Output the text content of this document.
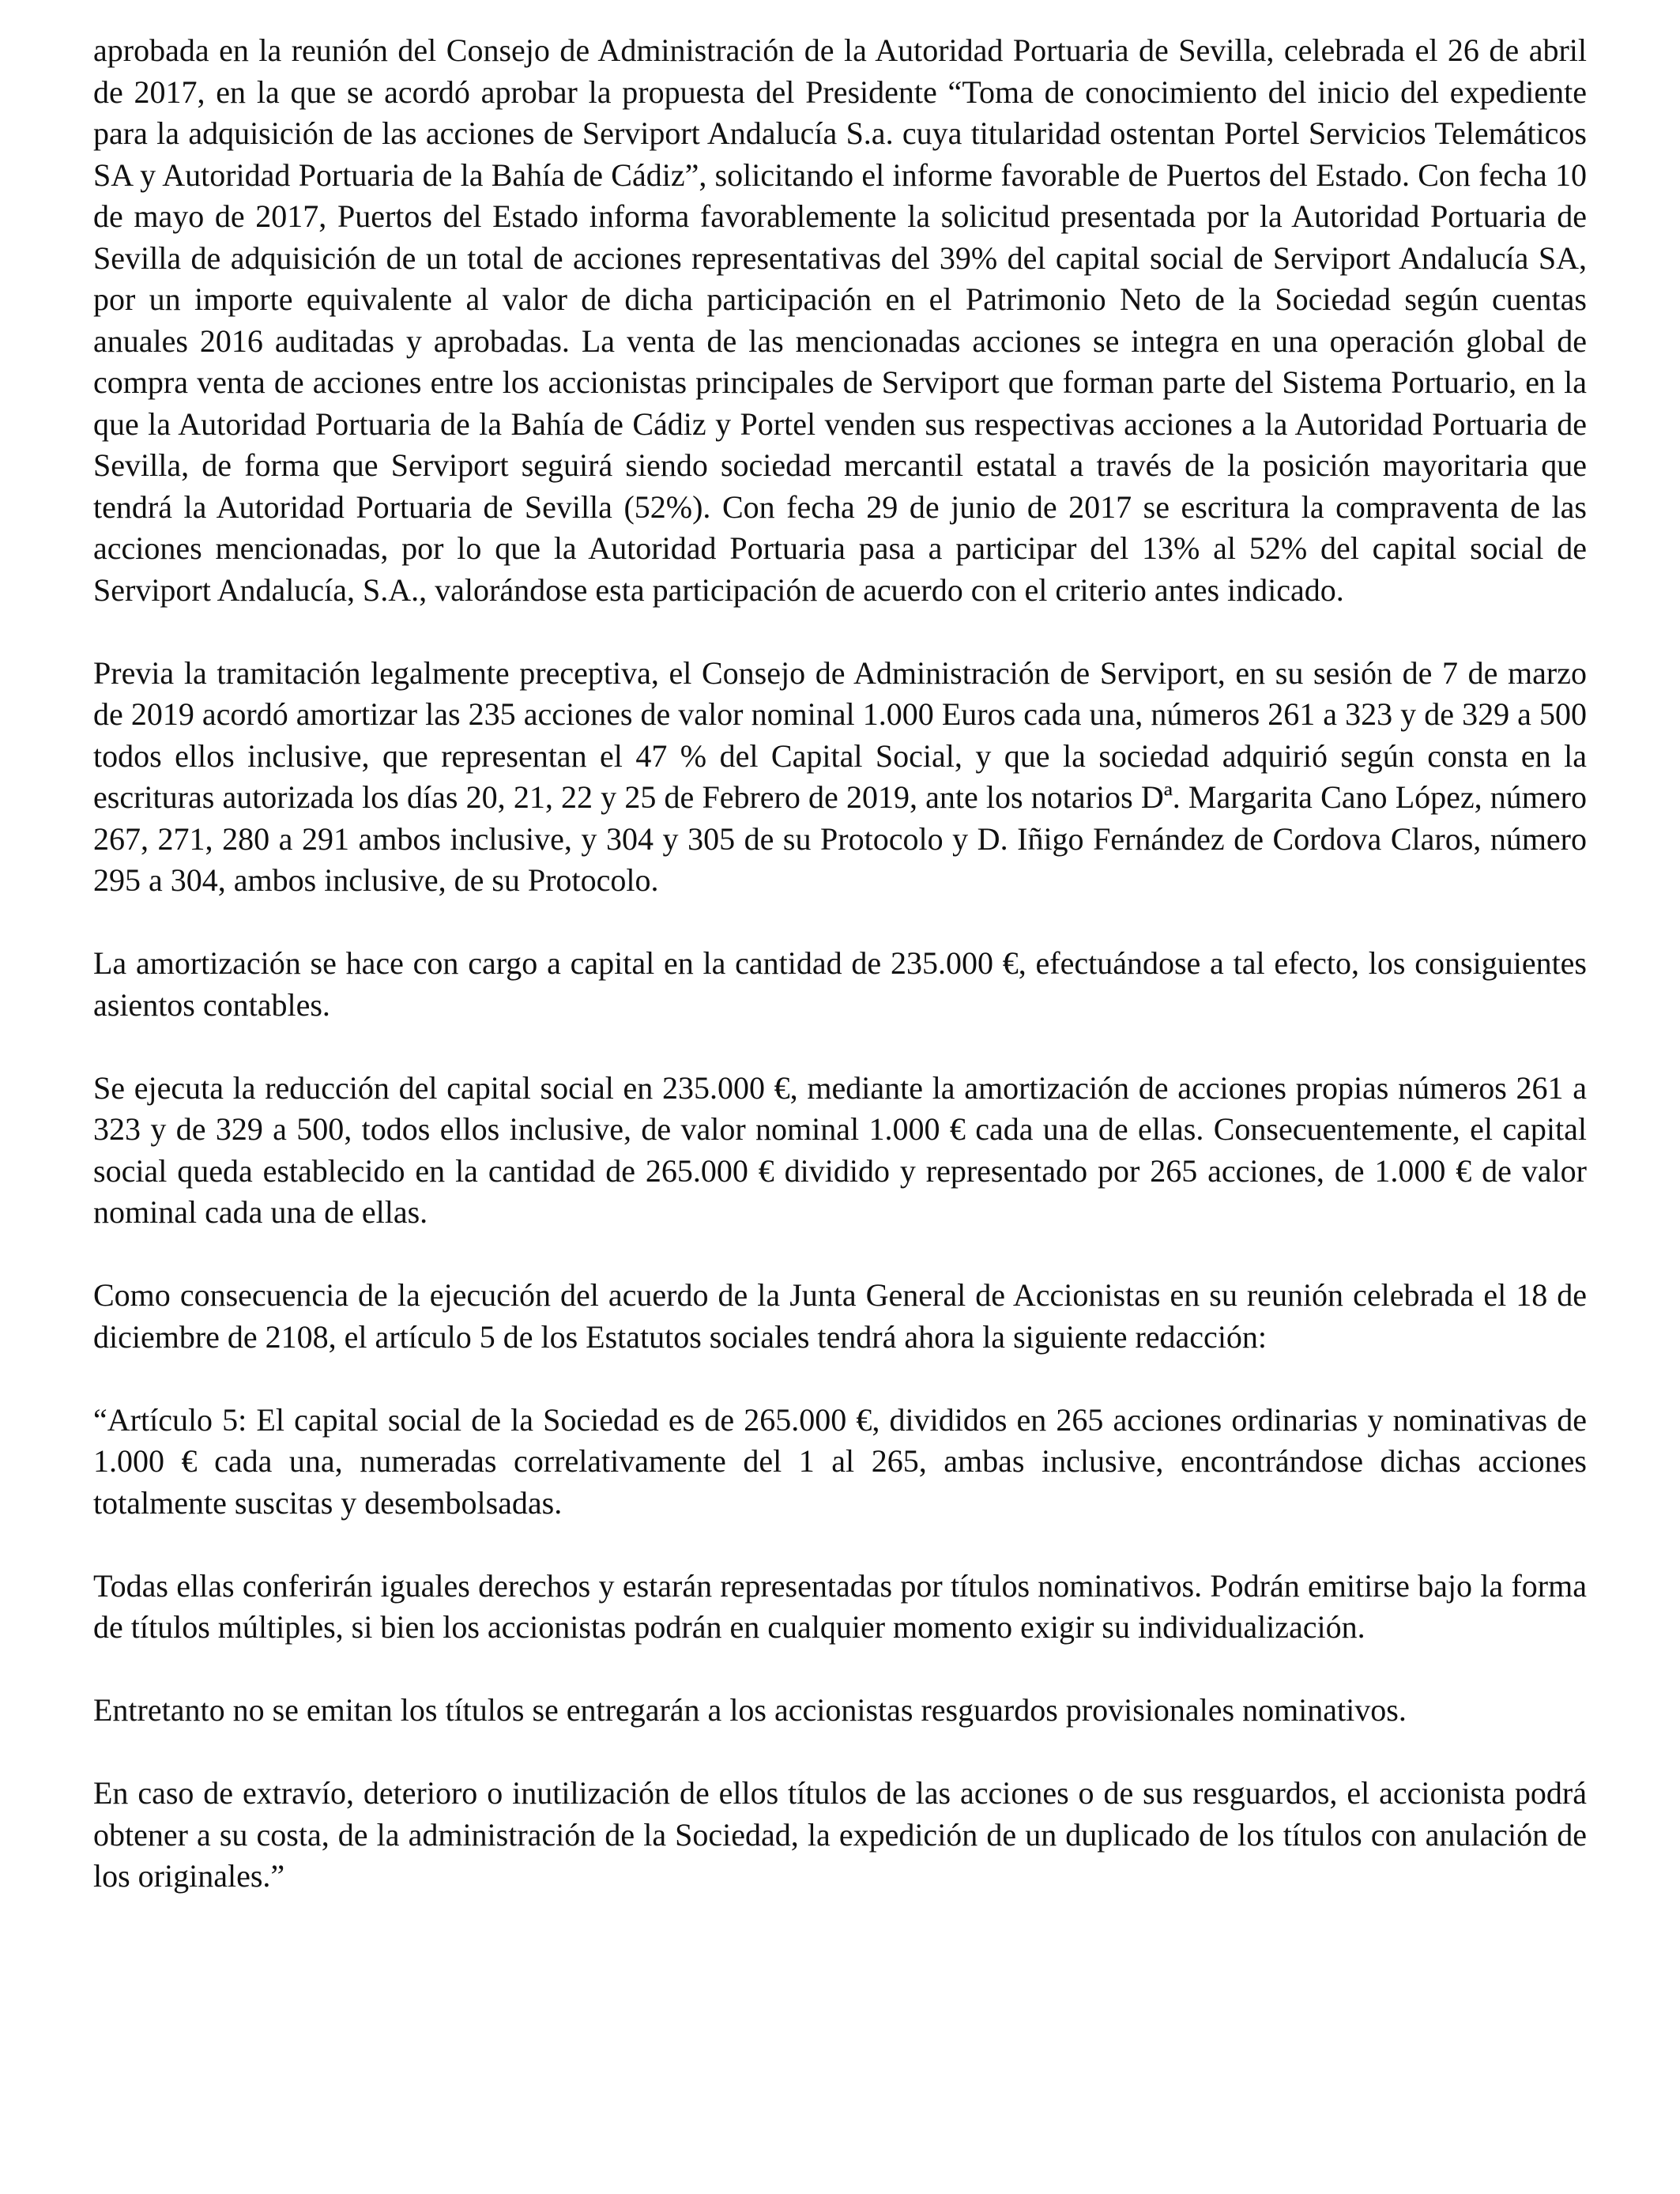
aprobada en la reunión del Consejo de Administración de la Autoridad Portuaria de Sevilla, celebrada el 26 de abril de 2017, en la que se acordó aprobar la propuesta del Presidente “Toma de conocimiento del inicio del expediente para la adquisición de las acciones de Serviport Andalucía S.a. cuya titularidad ostentan Portel Servicios Telemáticos SA y Autoridad Portuaria de la Bahía de Cádiz”, solicitando el informe favorable de Puertos del Estado. Con fecha 10 de mayo de 2017, Puertos del Estado informa favorablemente la solicitud presentada por la Autoridad Portuaria de Sevilla de adquisición de un total de acciones representativas del 39% del capital social de Serviport Andalucía SA, por un importe equivalente al valor de dicha participación en el Patrimonio Neto de la Sociedad según cuentas anuales 2016 auditadas y aprobadas. La venta de las mencionadas acciones se integra en una operación global de compra venta de acciones entre los accionistas principales de Serviport que forman parte del Sistema Portuario, en la que la Autoridad Portuaria de la Bahía de Cádiz y Portel venden sus respectivas acciones a la Autoridad Portuaria de Sevilla, de forma que Serviport seguirá siendo sociedad mercantil estatal a través de la posición mayoritaria que tendrá la Autoridad Portuaria de Sevilla (52%). Con fecha 29 de junio de 2017 se escritura la compraventa de las acciones mencionadas, por lo que la Autoridad Portuaria pasa a participar del 13% al 52% del capital social de Serviport Andalucía, S.A., valorándose esta participación de acuerdo con el criterio antes indicado.

Previa la tramitación legalmente preceptiva, el Consejo de Administración de Serviport, en su sesión de 7 de marzo de 2019 acordó amortizar las 235 acciones de valor nominal 1.000 Euros cada una, números 261 a 323 y de 329 a 500 todos ellos inclusive, que representan el 47 % del Capital Social, y que la sociedad adquirió según consta en la escrituras autorizada los días 20, 21, 22 y 25 de Febrero de 2019, ante los notarios Dª. Margarita Cano López, número 267, 271, 280 a 291 ambos inclusive, y 304 y 305 de su Protocolo y D. Iñigo Fernández de Cordova Claros, número 295 a 304, ambos inclusive, de su Protocolo.

La amortización se hace con cargo a capital en la cantidad de 235.000 €, efectuándose a tal efecto, los consiguientes asientos contables.

Se ejecuta la reducción del capital social en 235.000 €, mediante la amortización de acciones propias números 261 a 323 y de 329 a 500, todos ellos inclusive, de valor nominal 1.000 € cada una de ellas. Consecuentemente, el capital social queda establecido en la cantidad de 265.000 € dividido y representado por 265 acciones, de 1.000 € de valor nominal cada una de ellas.

Como consecuencia de la ejecución del acuerdo de la Junta General de Accionistas en su reunión celebrada el 18 de diciembre de 2108, el artículo 5 de los Estatutos sociales tendrá ahora la siguiente redacción:

“Artículo 5: El capital social de la Sociedad es de 265.000 €, divididos en 265 acciones ordinarias y nominativas de 1.000 € cada una, numeradas correlativamente del 1 al 265, ambas inclusive, encontrándose dichas acciones totalmente suscitas y desembolsadas.

Todas ellas conferirán iguales derechos y estarán representadas por títulos nominativos. Podrán emitirse bajo la forma de títulos múltiples, si bien los accionistas podrán en cualquier momento exigir su individualización.

Entretanto no se emitan los títulos se entregarán a los accionistas resguardos provisionales nominativos.

En caso de extravío, deterioro o inutilización de ellos títulos de las acciones o de sus resguardos, el accionista podrá obtener a su costa, de la administración de la Sociedad, la expedición de un duplicado de los títulos con anulación de los originales.”
